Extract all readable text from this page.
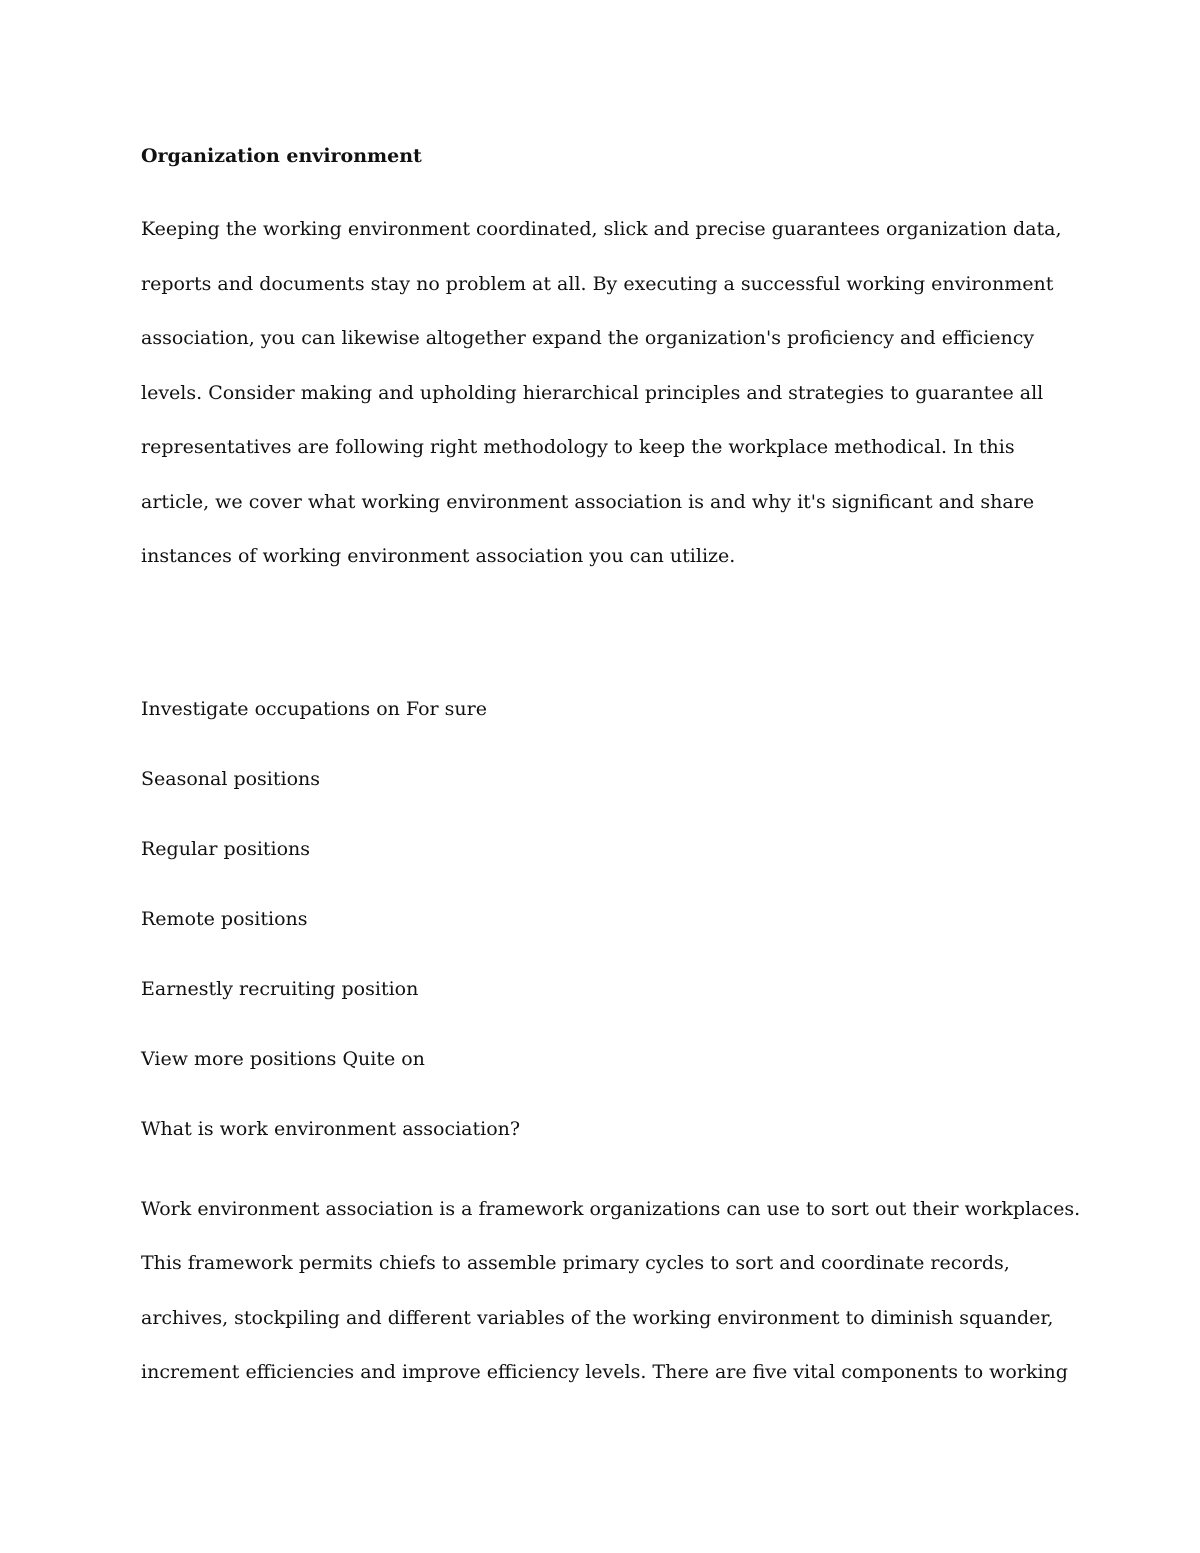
Organization environment

Keeping the working environment coordinated, slick and precise guarantees organization data,

reports and documents stay no problem at all. By executing a successful working environment

association, you can likewise altogether expand the organization's proficiency and efficiency

levels. Consider making and upholding hierarchical principles and strategies to guarantee all

representatives are following right methodology to keep the workplace methodical. In this

article, we cover what working environment association is and why it's significant and share

instances of working environment association you can utilize.

Investigate occupations on For sure

Seasonal positions

Regular positions

Remote positions

Earnestly recruiting position

View more positions Quite on

What is work environment association?

Work environment association is a framework organizations can use to sort out their workplaces.

This framework permits chiefs to assemble primary cycles to sort and coordinate records,

archives, stockpiling and different variables of the working environment to diminish squander,

increment efficiencies and improve efficiency levels. There are five vital components to working
